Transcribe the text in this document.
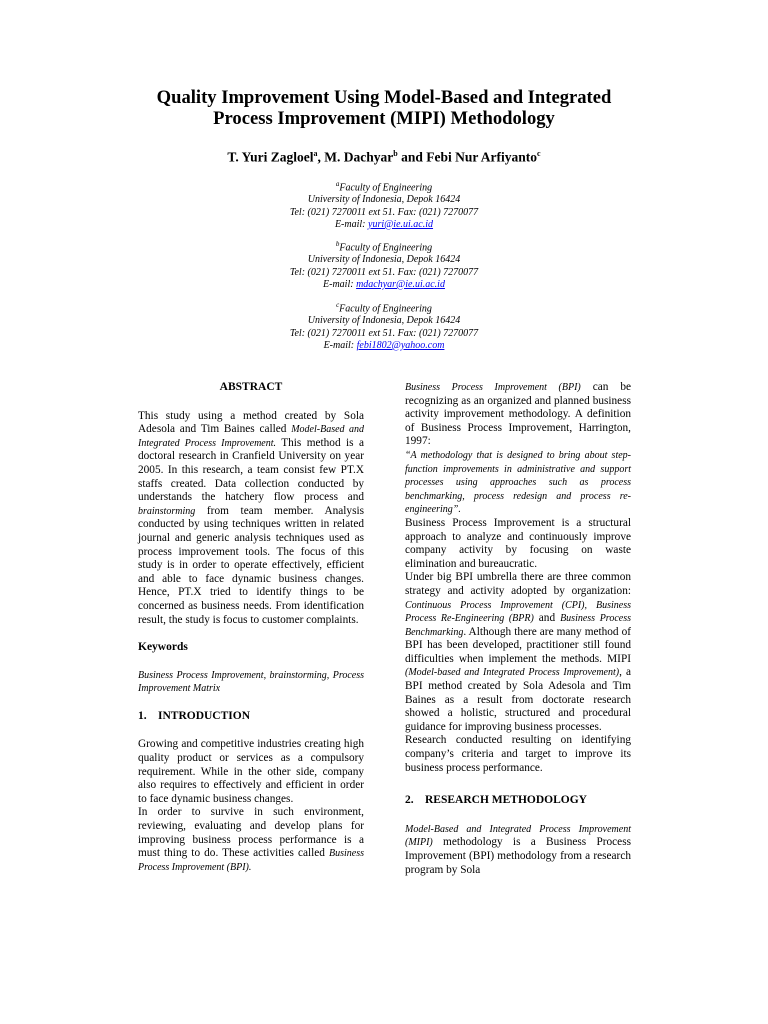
Quality Improvement Using Model-Based and Integrated
Process Improvement (MIPI) Methodology
T. Yuri Zagloel$^a$, M. Dachyar$^b$ and Febi Nur Arfiyanto$^c$
$^a$Faculty of Engineering
University of Indonesia, Depok 16424
Tel: (021) 7270011 ext 51. Fax: (021) 7270077
E-mail: yuri@ie.ui.ac.id
$^b$Faculty of Engineering
University of Indonesia, Depok 16424
Tel: (021) 7270011 ext 51. Fax: (021) 7270077
E-mail: mdachyar@ie.ui.ac.id
$^c$Faculty of Engineering
University of Indonesia, Depok 16424
Tel: (021) 7270011 ext 51. Fax: (021) 7270077
E-mail: febi1802@yahoo.com

ABSTRACT

This study using a method created by Sola Adesola and Tim Baines called Model-Based and Integrated Process Improvement. This method is a doctoral research in Cranfield University on year 2005. In this research, a team consist few PT.X staffs created. Data collection conducted by understands the hatchery flow process and brainstorming from team member. Analysis conducted by using techniques written in related journal and generic analysis techniques used as process improvement tools. The focus of this study is in order to operate effectively, efficient and able to face dynamic business changes. Hence, PT.X tried to identify things to be concerned as business needs. From identification result, the study is focus to customer complaints.

Keywords

Business Process Improvement, brainstorming, Process Improvement Matrix

1. INTRODUCTION

Growing and competitive industries creating high quality product or services as a compulsory requirement. While in the other side, company also requires to effectively and efficient in order to face dynamic business changes.

In order to survive in such environment, reviewing, evaluating and develop plans for improving business process performance is a must thing to do. These activities called Business Process Improvement (BPI).

Business Process Improvement (BPI) can be recognizing as an organized and planned business activity improvement methodology. A definition of Business Process Improvement, Harrington, 1997:

“A methodology that is designed to bring about step-function improvements in administrative and support processes using approaches such as process benchmarking, process redesign and process re-engineering”.

Business Process Improvement is a structural approach to analyze and continuously improve company activity by focusing on waste elimination and bureaucratic.

Under big BPI umbrella there are three common strategy and activity adopted by organization: Continuous Process Improvement (CPI), Business Process Re-Engineering (BPR) and Business Process Benchmarking. Although there are many method of BPI has been developed, practitioner still found difficulties when implement the methods. MIPI (Model-based and Integrated Process Improvement), a BPI method created by Sola Adesola and Tim Baines as a result from doctorate research showed a holistic, structured and procedural guidance for improving business processes.

Research conducted resulting on identifying company’s criteria and target to improve its business process performance.

2. RESEARCH METHODOLOGY

Model-Based and Integrated Process Improvement (MIPI) methodology is a Business Process Improvement (BPI) methodology from a research program by Sola
